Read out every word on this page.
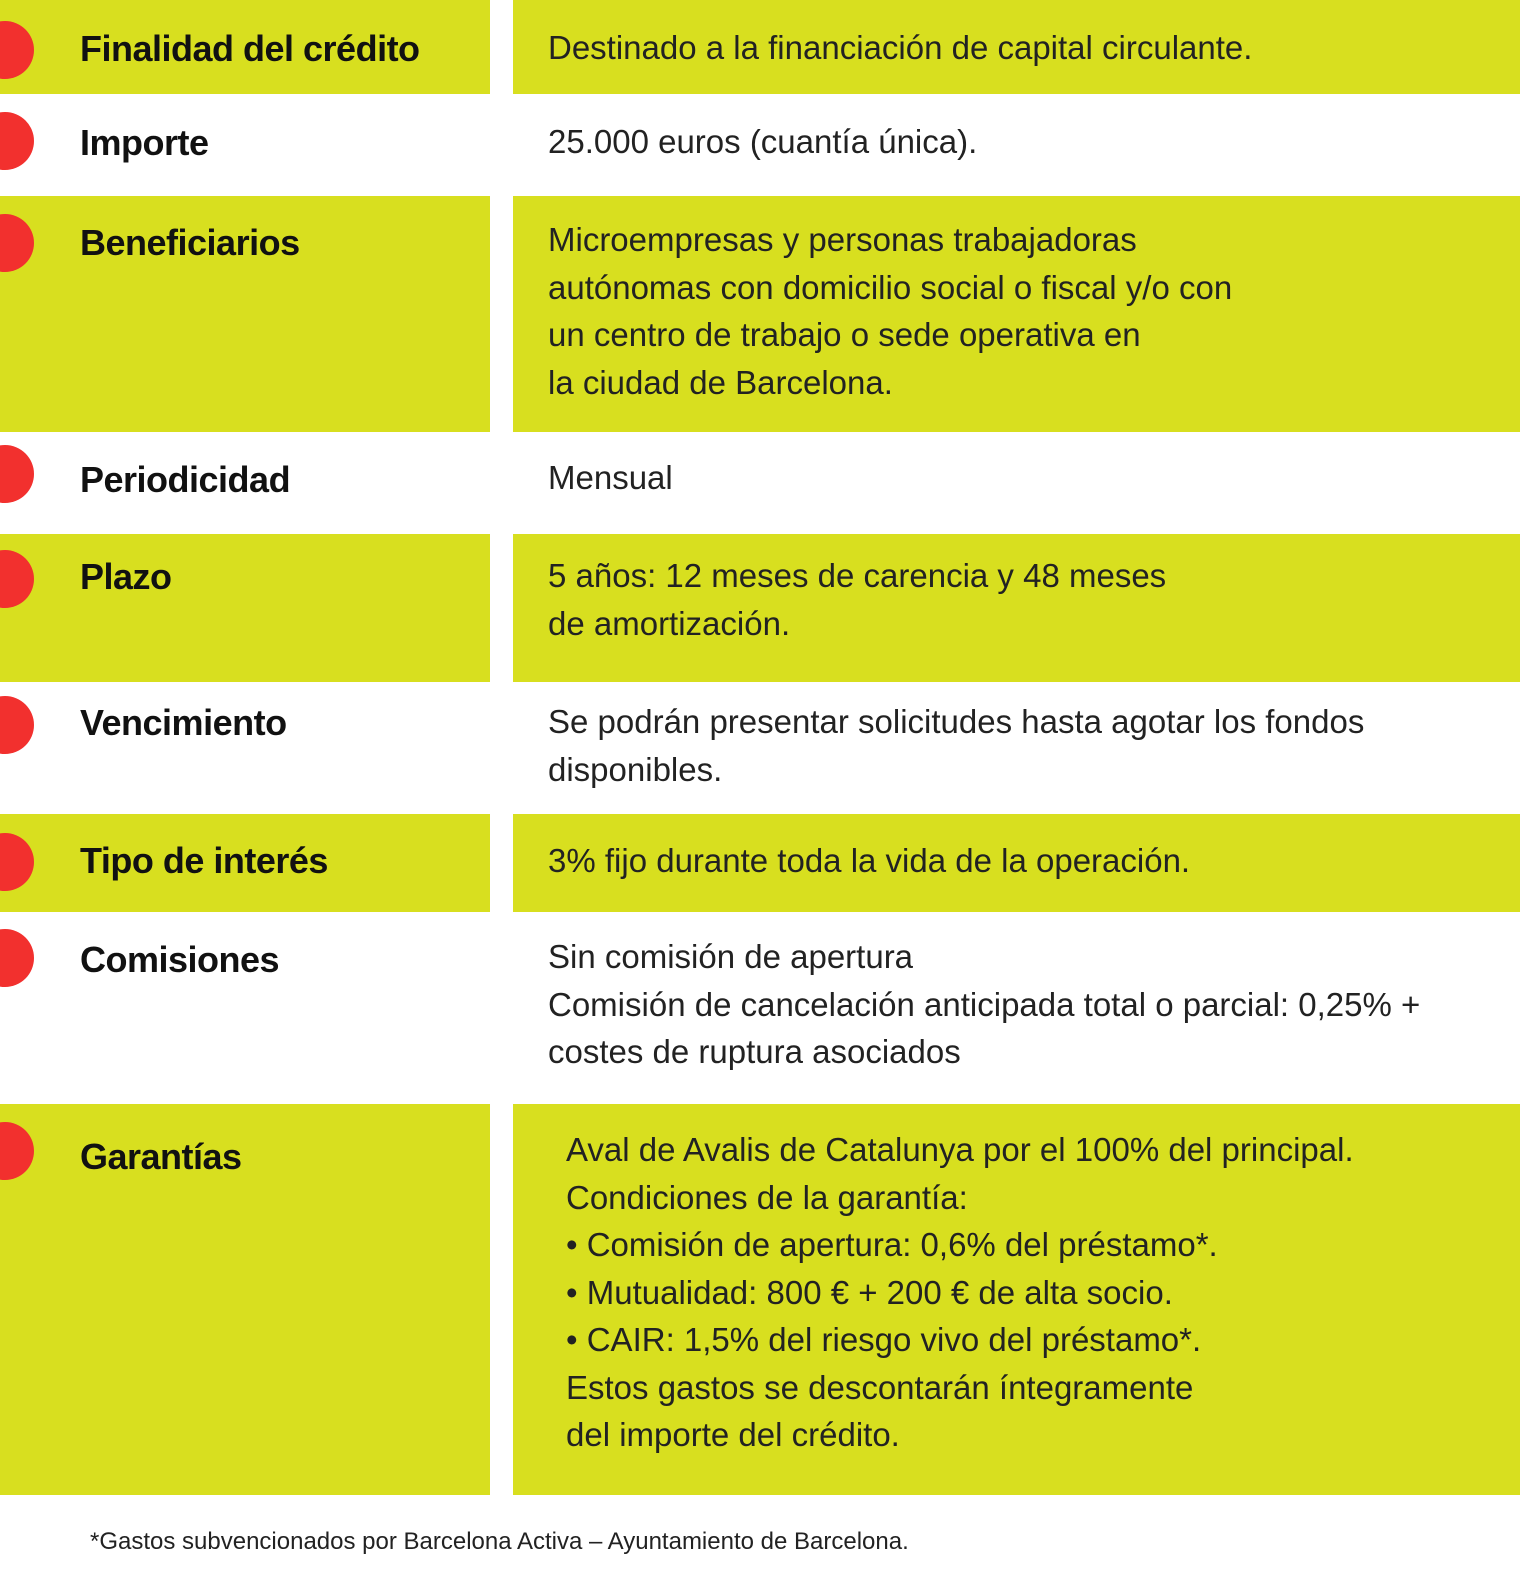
Finalidad del crédito	Destinado a la financiación de capital circulante.
Importe	25.000 euros (cuantía única).
Beneficiarios	Microempresas y personas trabajadoras
autónomas con domicilio social o fiscal y/o con
un centro de trabajo o sede operativa en
la ciudad de Barcelona.
Periodicidad	Mensual
Plazo	5 años: 12 meses de carencia y 48 meses
de amortización.
Vencimiento	Se podrán presentar solicitudes hasta agotar los fondos
disponibles.
Tipo de interés	3% fijo durante toda la vida de la operación.
Comisiones	Sin comisión de apertura
Comisión de cancelación anticipada total o parcial: 0,25% +
costes de ruptura asociados
Garantías	Aval de Avalis de Catalunya por el 100% del principal.
Condiciones de la garantía:
• Comisión de apertura: 0,6% del préstamo*.
• Mutualidad: 800 € + 200 € de alta socio.
• CAIR: 1,5% del riesgo vivo del préstamo*.
Estos gastos se descontarán íntegramente
del importe del crédito.
*Gastos subvencionados por Barcelona Activa – Ayuntamiento de Barcelona.
